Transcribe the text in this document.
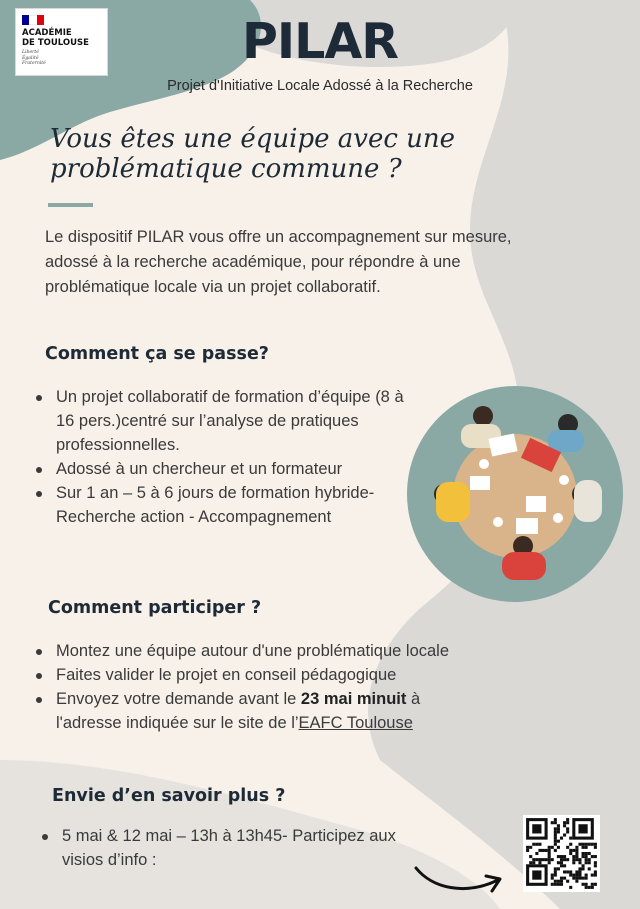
ACADÉMIE
DE TOULOUSE
Liberté
Égalité
Fraternité	PILAR
Projet d'Initiative Locale Adossé à la Recherche
Vous êtes une équipe avec une problématique commune ?
Le dispositif PILAR vous offre un accompagnement sur mesure, adossé à la recherche académique, pour répondre à une problématique locale via un projet collaboratif.
Comment ça se passe?
Un projet collaboratif de formation d’équipe (8 à 16 pers.)centré sur l’analyse de pratiques professionnelles.
Adossé à un chercheur et un formateur
Sur 1 an – 5 à 6 jours de formation hybride- Recherche action - Accompagnement
Comment participer ?
Montez une équipe autour d'une problématique locale
Faites valider le projet en conseil pédagogique
Envoyez votre demande avant le 23 mai minuit à l'adresse indiquée sur le site de l’EAFC Toulouse
Envie d’en savoir plus ?
5 mai & 12 mai – 13h à 13h45- Participez aux visios d’info :
